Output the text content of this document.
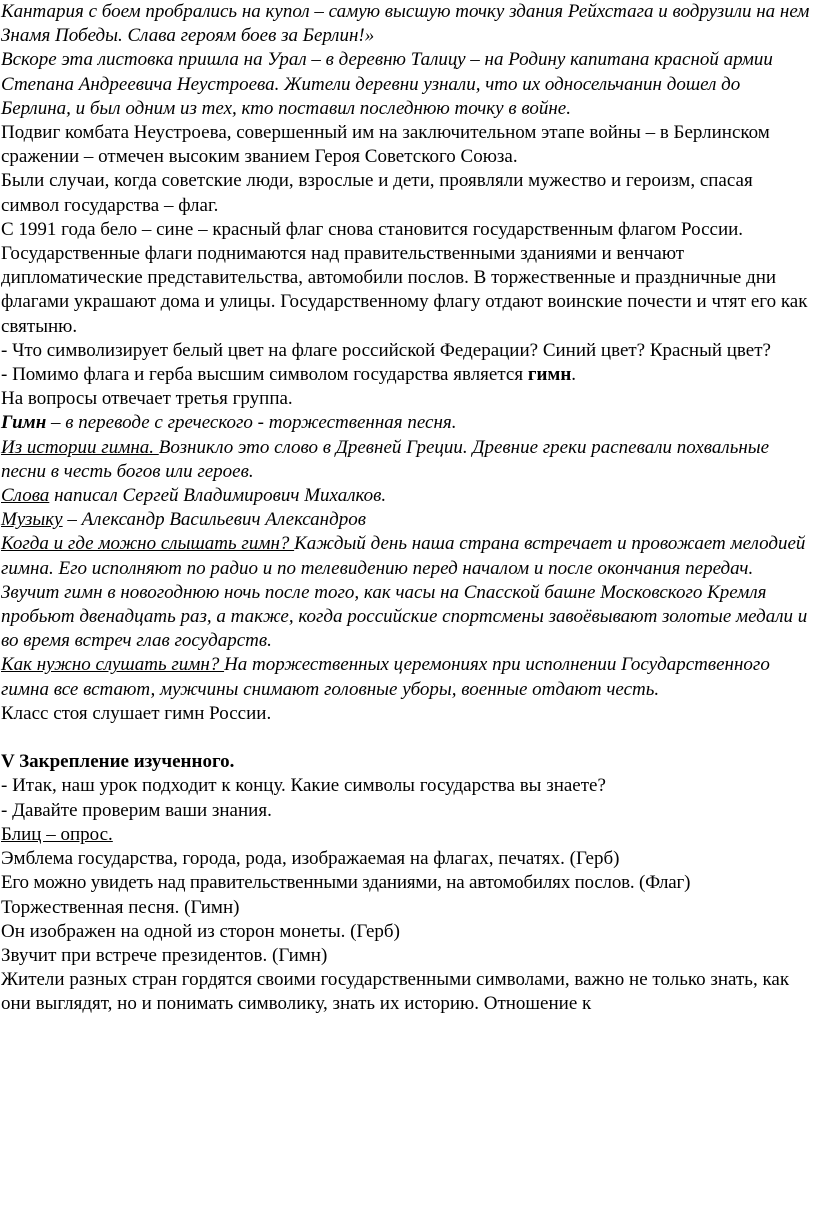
Кантария с боем пробрались на купол – самую высшую точку здания Рейхстага и водрузили на нем Знамя Победы. Слава героям боев за Берлин!»

Вскоре эта листовка пришла на Урал – в деревню Талицу – на Родину капитана красной армии Степана Андреевича Неустроева. Жители деревни узнали, что их односельчанин дошел до Берлина, и был одним из тех, кто поставил последнюю точку в войне.

Подвиг комбата Неустроева, совершенный им на заключительном этапе войны – в Берлинском сражении – отмечен высоким званием Героя Советского Союза.

Были случаи, когда советские люди, взрослые и дети, проявляли мужество и героизм, спасая символ государства – флаг.

С 1991 года бело – сине – красный флаг снова становится государственным флагом России.

Государственные флаги поднимаются над правительственными зданиями и венчают дипломатические представительства, автомобили послов. В торжественные и праздничные дни флагами украшают дома и улицы. Государственному флагу отдают воинские почести и чтят его как святыню.

- Что символизирует белый цвет на флаге российской Федерации? Синий цвет? Красный цвет?

- Помимо флага и герба высшим символом государства является гимн.

На вопросы отвечает третья группа.

Гимн – в переводе с греческого - торжественная песня.

Из истории гимна. Возникло это слово в Древней Греции. Древние греки распевали похвальные песни в честь богов или героев.

Слова написал Сергей Владимирович Михалков.

Музыку – Александр Васильевич Александров

Когда и где можно слышать гимн? Каждый день наша страна встречает и провожает мелодией гимна. Его исполняют по радио и по телевидению перед началом и после окончания передач. Звучит гимн в новогоднюю ночь после того, как часы на Спасской башне Московского Кремля пробьют двенадцать раз, а также, когда российские спортсмены завоёвывают золотые медали и во время встреч глав государств.

Как нужно слушать гимн? На торжественных церемониях при исполнении Государственного гимна все встают, мужчины снимают головные уборы, военные отдают честь.

Класс стоя слушает гимн России.

V Закрепление изученного.

- Итак, наш урок подходит к концу. Какие символы государства вы знаете?

- Давайте проверим ваши знания.

Блиц – опрос.

Эмблема государства, города, рода, изображаемая на флагах, печатях. (Герб)

Его можно увидеть над правительственными зданиями, на автомобилях послов. (Флаг)

Торжественная песня. (Гимн)

Он изображен на одной из сторон монеты. (Герб)

Звучит при встрече президентов. (Гимн)

Жители разных стран гордятся своими государственными символами, важно не только знать, как они выглядят, но и понимать символику, знать их историю. Отношение к
